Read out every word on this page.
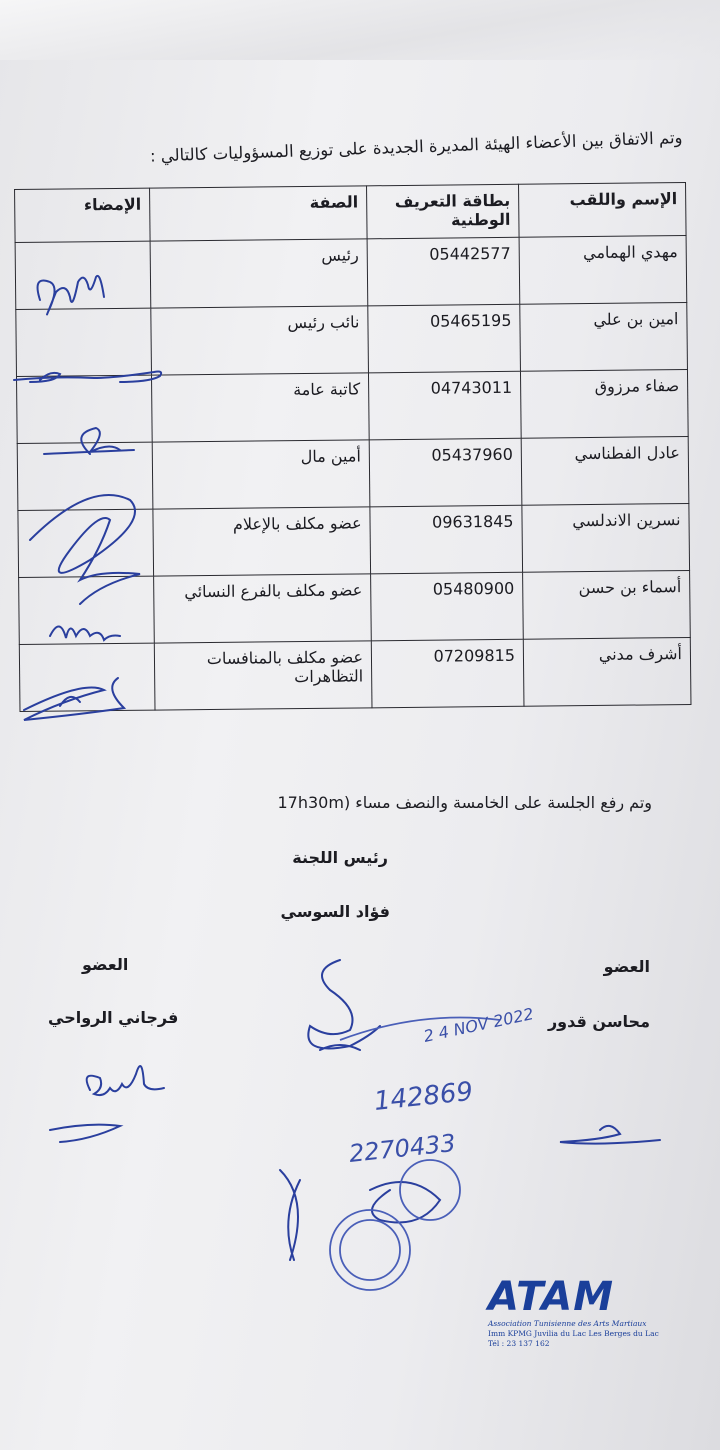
وتم الاتفاق بين الأعضاء الهيئة المديرة الجديدة على توزيع المسؤوليات كالتالي :
الإسم واللقب	بطاقة التعريف الوطنية	الصفة	الإمضاء
مهدي الهمامي	05442577	رئيس	
امين بن علي	05465195	نائب رئيس	
صفاء مرزوق	04743011	كاتبة عامة	
عادل الفطناسي	05437960	أمين مال	
نسرين الاندلسي	09631845	عضو مكلف بالإعلام	
أسماء بن حسن	05480900	عضو مكلف بالفرع النسائي	
أشرف مدني	07209815	عضو مكلف بالمنافسات التظاهرات	
وتم رفع الجلسة على الخامسة والنصف مساء (17h30m
رئيس اللجنة
فؤاد السوسي
العضو
فرجاني الرواحي
العضو
محاسن قدور
2 4 NOV 2022
142869
2270433
ATAM
Association Tunisienne des Arts Martiaux
Imm KPMG Juvilia du Lac Les Berges du Lac
Tél : 23 137 162
